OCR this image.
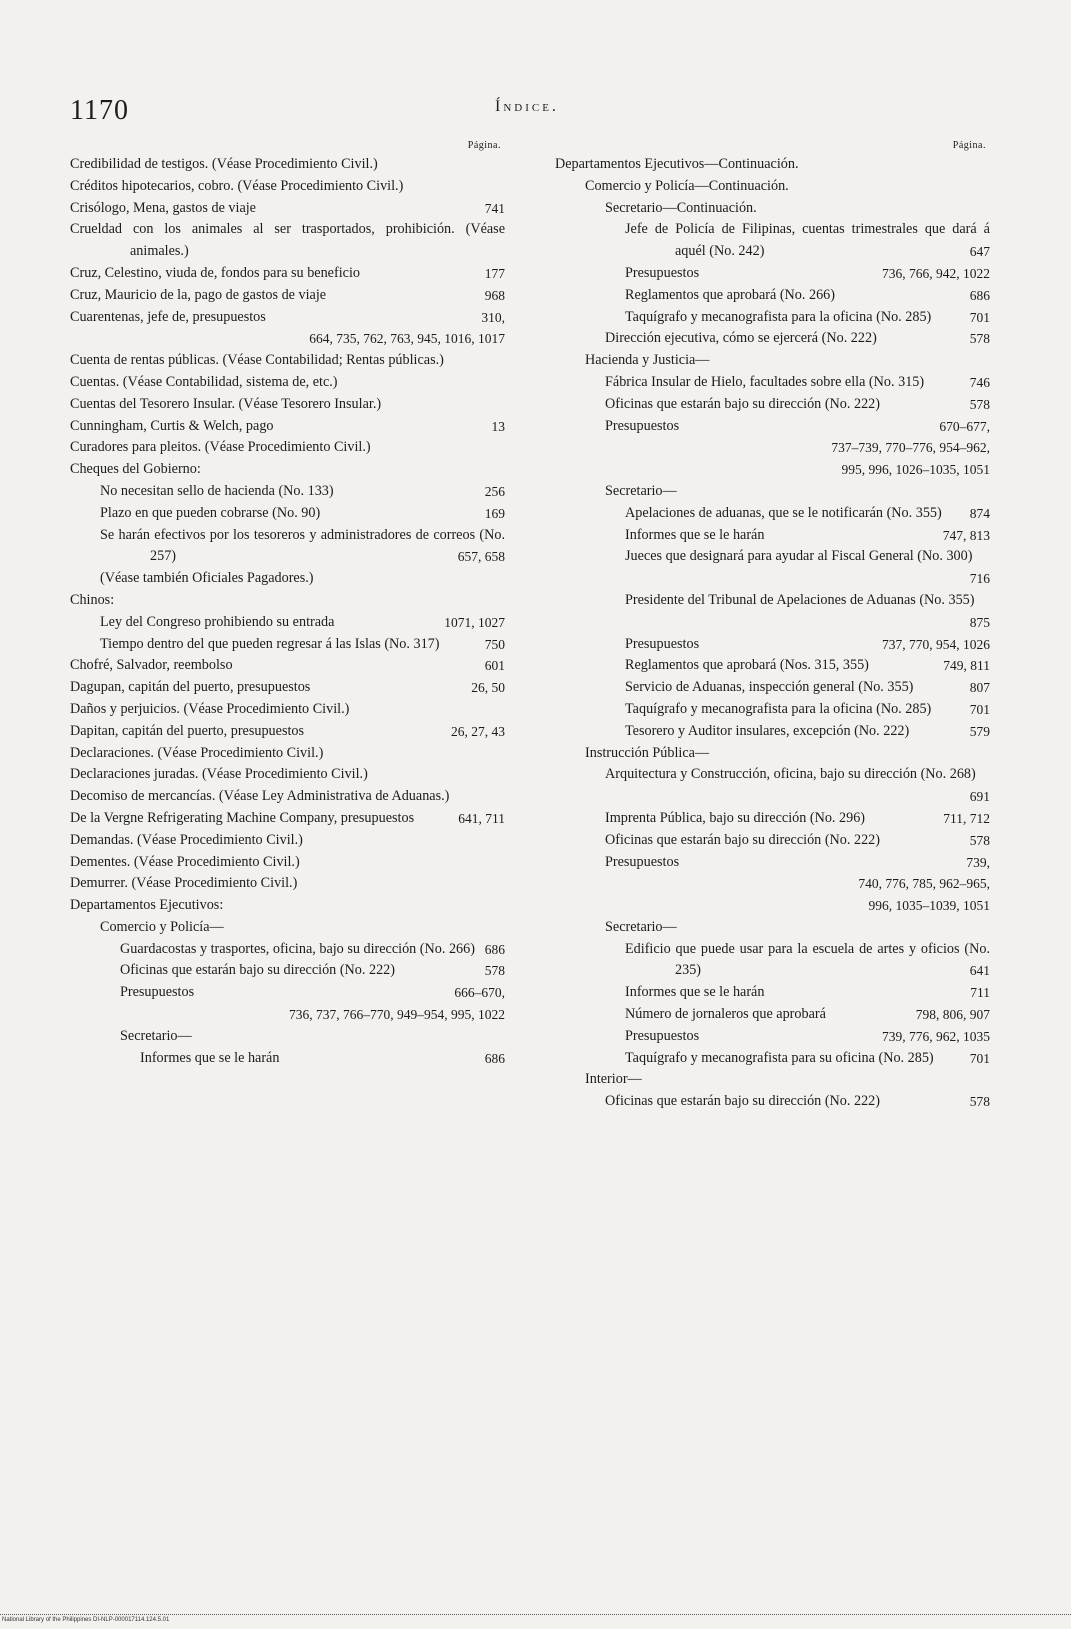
1170	Índice.
Página.
Credibilidad de testigos. (Véase Procedimiento Civil.)
Créditos hipotecarios, cobro. (Véase Procedimiento Civil.)
Crisólogo, Mena, gastos de viaje	741
Crueldad con los animales al ser trasportados, prohibición. (Véase animales.)
Cruz, Celestino, viuda de, fondos para su beneficio	177
Cruz, Mauricio de la, pago de gastos de viaje	968
Cuarentenas, jefe de, presupuestos	310,
664, 735, 762, 763, 945, 1016, 1017
Cuenta de rentas públicas. (Véase Contabilidad; Rentas públicas.)
Cuentas. (Véase Contabilidad, sistema de, etc.)
Cuentas del Tesorero Insular. (Véase Tesorero Insular.)
Cunningham, Curtis & Welch, pago	13
Curadores para pleitos. (Véase Procedimiento Civil.)
Cheques del Gobierno:
No necesitan sello de hacienda (No. 133)	256
Plazo en que pueden cobrarse (No. 90)	169
Se harán efectivos por los tesoreros y administradores de correos (No. 257)	657, 658
(Véase también Oficiales Pagadores.)
Chinos:
Ley del Congreso prohibiendo su entrada	1071, 1027
Tiempo dentro del que pueden regresar á las Islas (No. 317)	750
Chofré, Salvador, reembolso	601
Dagupan, capitán del puerto, presupuestos	26, 50
Daños y perjuicios. (Véase Procedimiento Civil.)
Dapitan, capitán del puerto, presupuestos	26, 27, 43
Declaraciones. (Véase Procedimiento Civil.)
Declaraciones juradas. (Véase Procedimiento Civil.)
Decomiso de mercancías. (Véase Ley Administrativa de Aduanas.)
De la Vergne Refrigerating Machine Company, presupuestos	641, 711
Demandas. (Véase Procedimiento Civil.)
Dementes. (Véase Procedimiento Civil.)
Demurrer. (Véase Procedimiento Civil.)
Departamentos Ejecutivos:
Comercio y Policía—
Guardacostas y trasportes, oficina, bajo su dirección (No. 266) 686
Oficinas que estarán bajo su dirección (No. 222)	578
Presupuestos	666–670,
736, 737, 766–770, 949–954, 995, 1022
Secretario—
Informes que se le harán	686
Página.
Departamentos Ejecutivos—Continuación.
Comercio y Policía—Continuación.
Secretario—Continuación.
Jefe de Policía de Filipinas, cuentas trimestrales que dará á aquél (No. 242)	647
Presupuestos	736, 766, 942, 1022
Reglamentos que aprobará (No. 266)	686
Taquígrafo y mecanografista para la oficina (No. 285)	701
Dirección ejecutiva, cómo se ejercerá (No. 222)	578
Hacienda y Justicia—
Fábrica Insular de Hielo, facultades sobre ella (No. 315)	746
Oficinas que estarán bajo su dirección (No. 222)	578
Presupuestos	670–677,
737–739, 770–776, 954–962,
995, 996, 1026–1035, 1051
Secretario—
Apelaciones de aduanas, que se le notificarán (No. 355) 874
Informes que se le harán	747, 813
Jueces que designará para ayudar al Fiscal General (No. 300)
716
Presidente del Tribunal de Apelaciones de Aduanas (No. 355)
875
Presupuestos	737, 770, 954, 1026
Reglamentos que aprobará (Nos. 315, 355)	749, 811
Servicio de Aduanas, inspección general (No. 355)	807
Taquígrafo y mecanografista para la oficina (No. 285)	701
Tesorero y Auditor insulares, excepción (No. 222)	579
Instrucción Pública—
Arquitectura y Construcción, oficina, bajo su dirección (No. 268)
691
Imprenta Pública, bajo su dirección (No. 296)	711, 712
Oficinas que estarán bajo su dirección (No. 222)	578
Presupuestos	739,
740, 776, 785, 962–965,
996, 1035–1039, 1051
Secretario—
Edificio que puede usar para la escuela de artes y oficios (No. 235)	641
Informes que se le harán	711
Número de jornaleros que aprobará	798, 806, 907
Presupuestos	739, 776, 962, 1035
Taquígrafo y mecanografista para su oficina (No. 285)	701
Interior—
Oficinas que estarán bajo su dirección (No. 222)	578
National Library of the Philippines DI-NLP-000017114.124.5.01
